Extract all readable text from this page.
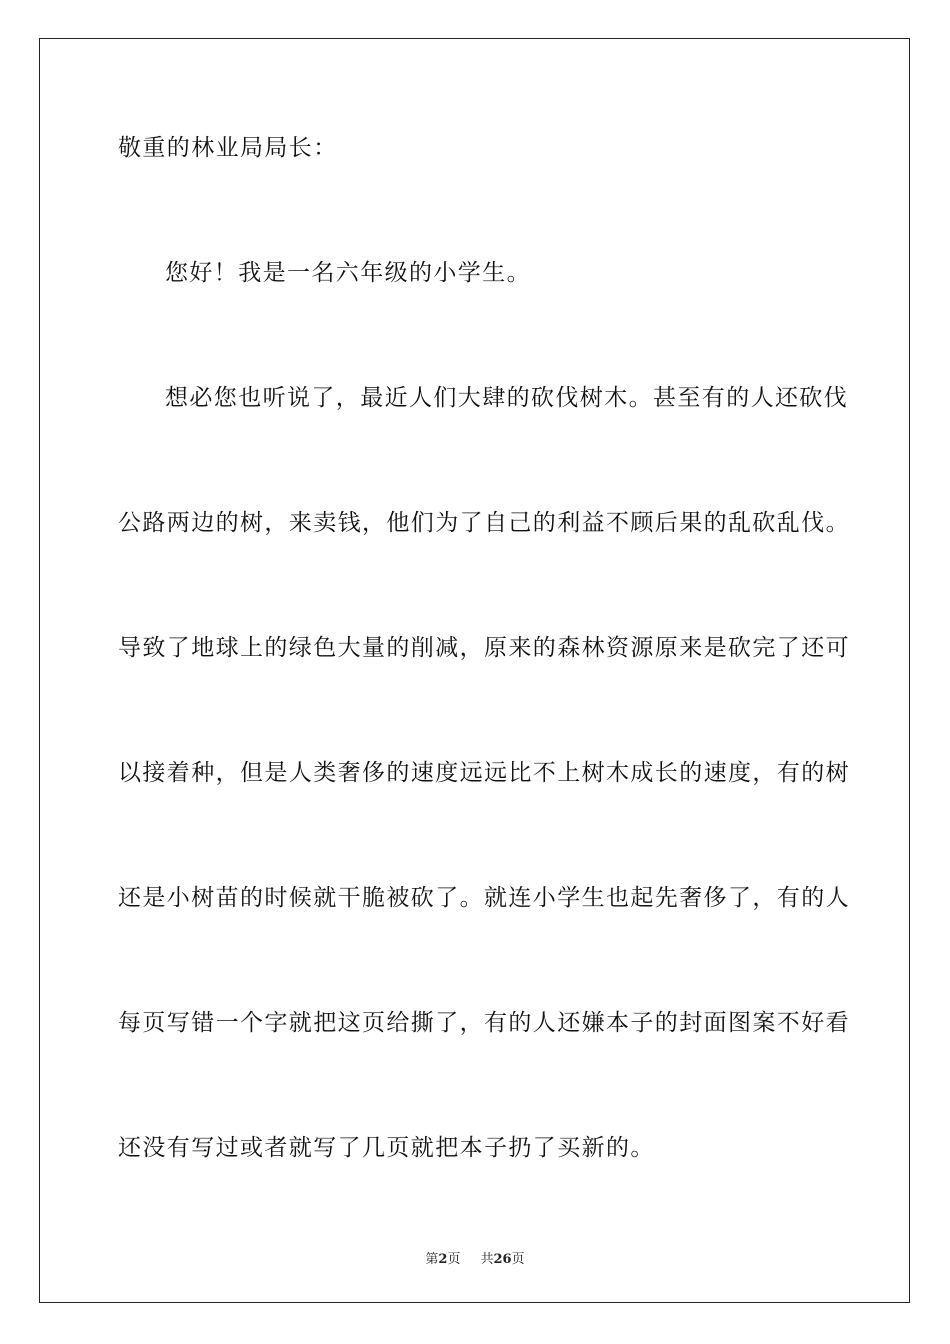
敬重的林业局局长：
您好！我是一名六年级的小学生。
想必您也听说了，最近人们大肆的砍伐树木。甚至有的人还砍伐
公路两边的树，来卖钱，他们为了自己的利益不顾后果的乱砍乱伐。
导致了地球上的绿色大量的削减，原来的森林资源原来是砍完了还可
以接着种，但是人类奢侈的速度远远比不上树木成长的速度，有的树
还是小树苗的时候就干脆被砍了。就连小学生也起先奢侈了，有的人
每页写错一个字就把这页给撕了，有的人还嫌本子的封面图案不好看
还没有写过或者就写了几页就把本子扔了买新的。
第2页 共26页
